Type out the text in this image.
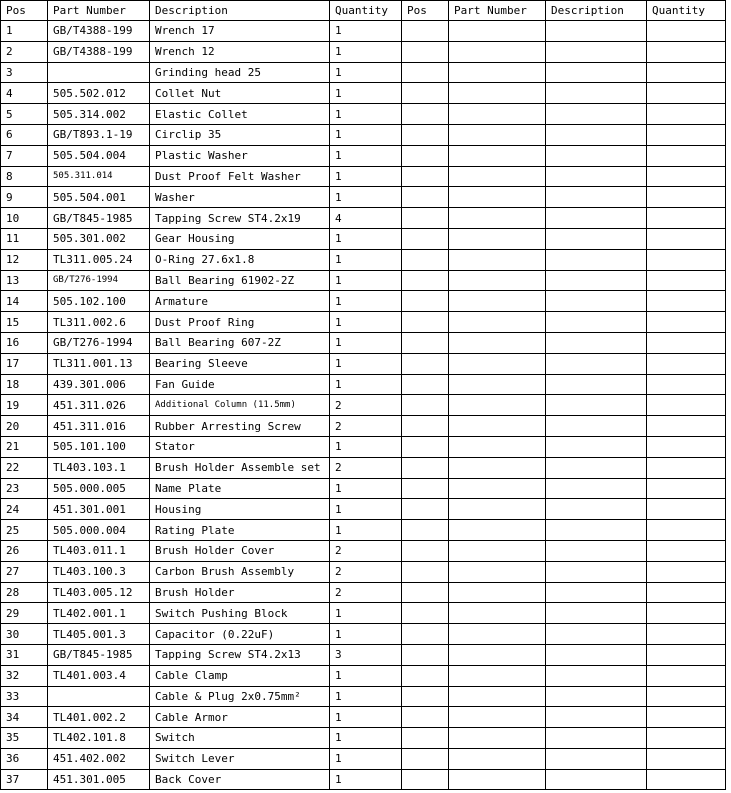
Pos	Part Number	Description	Quantity	Pos	Part Number	Description	Quantity
1	GB/T4388-199	Wrench 17	1				
2	GB/T4388-199	Wrench 12	1				
3		Grinding head 25	1				
4	505.502.012	Collet Nut	1				
5	505.314.002	Elastic Collet	1				
6	GB/T893.1-19	Circlip 35	1				
7	505.504.004	Plastic Washer	1				
8	505.311.014	Dust Proof Felt Washer	1				
9	505.504.001	Washer	1				
10	GB/T845-1985	Tapping Screw ST4.2x19	4				
11	505.301.002	Gear Housing	1				
12	TL311.005.24	O-Ring 27.6x1.8	1				
13	GB/T276-1994	Ball Bearing 61902-2Z	1				
14	505.102.100	Armature	1				
15	TL311.002.6	Dust Proof Ring	1				
16	GB/T276-1994	Ball Bearing 607-2Z	1				
17	TL311.001.13	Bearing Sleeve	1				
18	439.301.006	Fan Guide	1				
19	451.311.026	Additional Column (11.5mm)	2				
20	451.311.016	Rubber Arresting Screw	2				
21	505.101.100	Stator	1				
22	TL403.103.1	Brush Holder Assemble set	2				
23	505.000.005	Name Plate	1				
24	451.301.001	Housing	1				
25	505.000.004	Rating Plate	1				
26	TL403.011.1	Brush Holder Cover	2				
27	TL403.100.3	Carbon Brush Assembly	2				
28	TL403.005.12	Brush Holder	2				
29	TL402.001.1	Switch Pushing Block	1				
30	TL405.001.3	Capacitor (0.22uF)	1				
31	GB/T845-1985	Tapping Screw ST4.2x13	3				
32	TL401.003.4	Cable Clamp	1				
33		Cable & Plug 2x0.75mm²	1				
34	TL401.002.2	Cable Armor	1				
35	TL402.101.8	Switch	1				
36	451.402.002	Switch Lever	1				
37	451.301.005	Back Cover	1				
